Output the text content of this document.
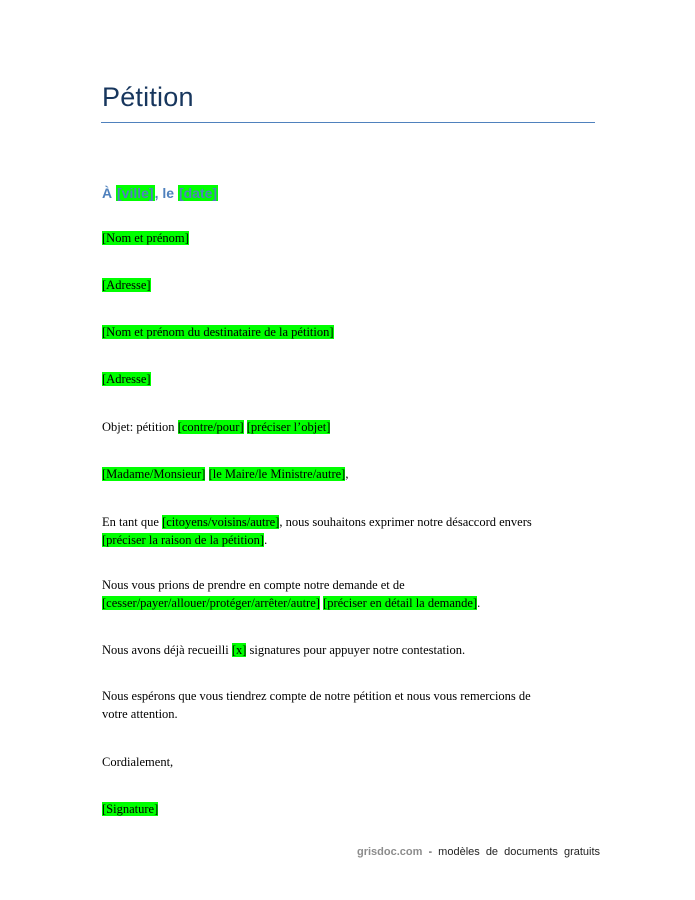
Pétition
À [ville], le [date]
[Nom et prénom]
[Adresse]
[Nom et prénom du destinataire de la pétition]
[Adresse]
Objet: pétition [contre/pour] [préciser l’objet]
[Madame/Monsieur] [le Maire/le Ministre/autre],
En tant que [citoyens/voisins/autre], nous souhaitons exprimer notre désaccord envers
[préciser la raison de la pétition].
Nous vous prions de prendre en compte notre demande et de
[cesser/payer/allouer/protéger/arrêter/autre] [préciser en détail la demande].
Nous avons déjà recueilli [x] signatures pour appuyer notre contestation.
Nous espérons que vous tiendrez compte de notre pétition et nous vous remercions de
votre attention.
Cordialement,
[Signature]
grisdoc.com - modèles de documents gratuits
